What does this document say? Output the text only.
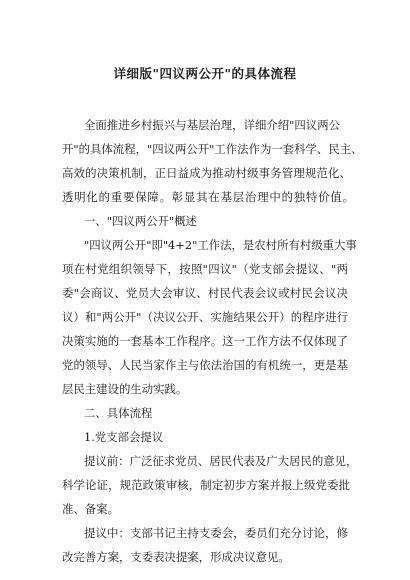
详细版"四议两公开"的具体流程
全面推进乡村振兴与基层治理，详细介绍"四议两公
开"的具体流程，"四议两公开"工作法作为一套科学、民主、
高效的决策机制，正日益成为推动村级事务管理规范化、
透明化的重要保障。彰显其在基层治理中的独特价值。
一、"四议两公开"概述
"四议两公开"即"4+2"工作法，是农村所有村级重大事
项在村党组织领导下，按照"四议"（党支部会提议、"两
委"会商议、党员大会审议、村民代表会议或村民会议决
议）和"两公开"（决议公开、实施结果公开）的程序进行
决策实施的一套基本工作程序。这一工作方法不仅体现了
党的领导、人民当家作主与依法治国的有机统一，更是基
层民主建设的生动实践。
二、具体流程
1.党支部会提议
提议前：广泛征求党员、居民代表及广大居民的意见，
科学论证，规范政策审核，制定初步方案并报上级党委批
准、备案。
提议中：支部书记主持支委会，委员们充分讨论，修
改完善方案，支委表决提案，形成决议意见。
